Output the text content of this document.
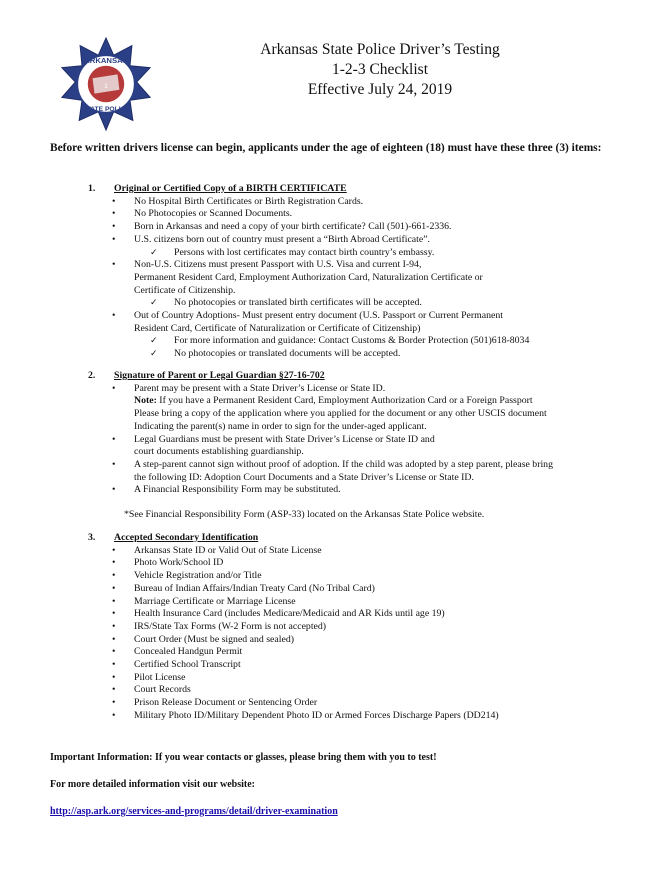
ARKANSAS
STATE POLICE
1
Arkansas State Police Driver’s Testing
1-2-3 Checklist
Effective July 24, 2019
Before written drivers license can begin, applicants under the age of eighteen (18) must have these three (3) items:
1.	Original or Certified Copy of a BIRTH CERTIFICATE
• No Hospital Birth Certificates or Birth Registration Cards.
• No Photocopies or Scanned Documents.
• Born in Arkansas and need a copy of your birth certificate? Call (501)-661-2336.
• U.S. citizens born out of country must present a “Birth Abroad Certificate”.
✓ Persons with lost certificates may contact birth country’s embassy.
• Non-U.S. Citizens must present Passport with U.S. Visa and current I-94,
Permanent Resident Card, Employment Authorization Card, Naturalization Certificate or
Certificate of Citizenship.
✓ No photocopies or translated birth certificates will be accepted.
• Out of Country Adoptions- Must present entry document (U.S. Passport or Current Permanent
Resident Card, Certificate of Naturalization or Certificate of Citizenship)
✓ For more information and guidance: Contact Customs & Border Protection (501)618-8034
✓ No photocopies or translated documents will be accepted.
2.	Signature of Parent or Legal Guardian §27-16-702
• Parent may be present with a State Driver’s License or State ID.
Note: If you have a Permanent Resident Card, Employment Authorization Card or a Foreign Passport
Please bring a copy of the application where you applied for the document or any other USCIS document
Indicating the parent(s) name in order to sign for the under-aged applicant.
• Legal Guardians must be present with State Driver’s License or State ID and
court documents establishing guardianship.
• A step-parent cannot sign without proof of adoption. If the child was adopted by a step parent, please bring
the following ID: Adoption Court Documents and a State Driver’s License or State ID.
• A Financial Responsibility Form may be substituted.
*See Financial Responsibility Form (ASP-33) located on the Arkansas State Police website.
3.	Accepted Secondary Identification
• Arkansas State ID or Valid Out of State License
• Photo Work/School ID
• Vehicle Registration and/or Title
• Bureau of Indian Affairs/Indian Treaty Card (No Tribal Card)
• Marriage Certificate or Marriage License
• Health Insurance Card (includes Medicare/Medicaid and AR Kids until age 19)
• IRS/State Tax Forms (W-2 Form is not accepted)
• Court Order (Must be signed and sealed)
• Concealed Handgun Permit
• Certified School Transcript
• Pilot License
• Court Records
• Prison Release Document or Sentencing Order
• Military Photo ID/Military Dependent Photo ID or Armed Forces Discharge Papers (DD214)
Important Information: If you wear contacts or glasses, please bring them with you to test!
For more detailed information visit our website:
http://asp.ark.org/services-and-programs/detail/driver-examination
